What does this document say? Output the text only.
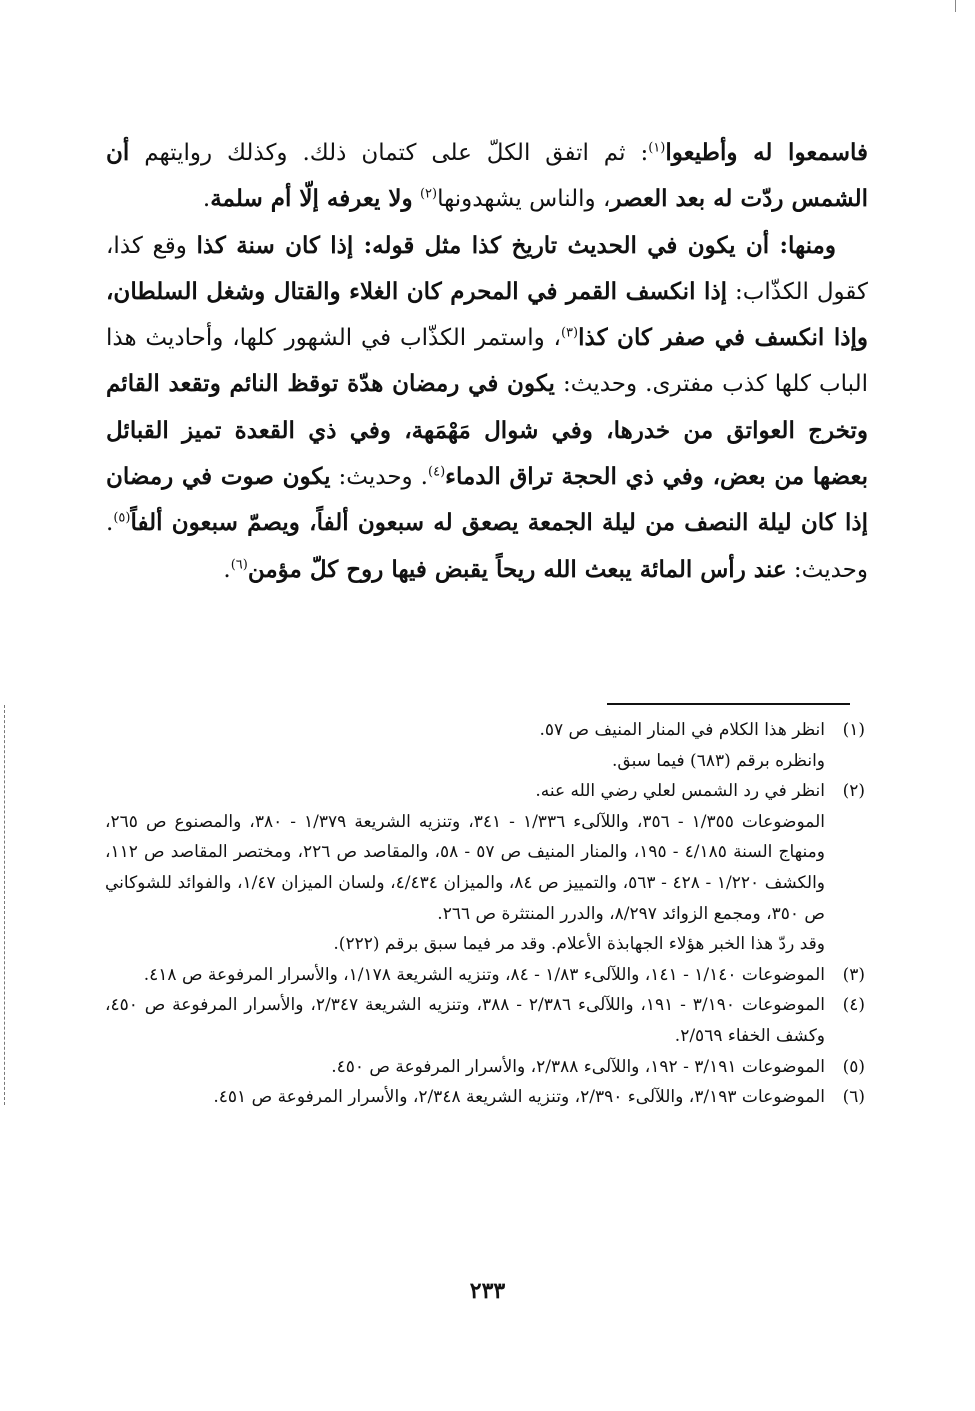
فاسمعوا له وأطيعوا$^{(١)}$: ثم اتفق الكلّ على كتمان ذلك. وكذلك روايتهم أن الشمس ردّت له بعد العصر، والناس يشهدونها$^{(٢)}$ ولا يعرفه إلّا أم سلمة.

ومنها: أن يكون في الحديث تاريخ كذا مثل قوله: إذا كان سنة كذا وقع كذا، كقول الكذّاب: إذا انكسف القمر في المحرم كان الغلاء والقتال وشغل السلطان، وإذا انكسف في صفر كان كذا$^{(٣)}$، واستمر الكذّاب في الشهور كلها، وأحاديث هذا الباب كلها كذب مفترى. وحديث: يكون في رمضان هدّة توقظ النائم وتقعد القائم وتخرج العواتق من خدرها، وفي شوال مَهْمَهة، وفي ذي القعدة تميز القبائل بعضها من بعض، وفي ذي الحجة تراق الدماء$^{(٤)}$. وحديث: يكون صوت في رمضان إذا كان ليلة النصف من ليلة الجمعة يصعق له سبعون ألفاً، ويصمّ سبعون ألفاً$^{(٥)}$. وحديث: عند رأس المائة يبعث الله ريحاً يقبض فيها روح كلّ مؤمن$^{(٦)}$.

(١)
انظر هذا الكلام في المنار المنيف ص ٥٧.
وانظره برقم (٦٨٣) فيما سبق.
(٢)
انظر في رد الشمس لعلي رضي الله عنه.
الموضوعات ١/٣٥٥ - ٣٥٦، واللآلىء ١/٣٣٦ - ٣٤١، وتنزيه الشريعة ١/٣٧٩ - ٣٨٠، والمصنوع ص ٢٦٥، ومنهاج السنة ٤/١٨٥ - ١٩٥، والمنار المنيف ص ٥٧ - ٥٨، والمقاصد ص ٢٢٦، ومختصر المقاصد ص ١١٢، والكشف ١/٢٢٠ - ٤٢٨ - ٥٦٣، والتمييز ص ٨٤، والميزان ٤/٤٣٤، ولسان الميزان ١/٤٧، والفوائد للشوكاني ص ٣٥٠، ومجمع الزوائد ٨/٢٩٧، والدرر المنتثرة ص ٢٦٦.
وقد ردّ هذا الخبر هؤلاء الجهابذة الأعلام. وقد مر فيما سبق برقم (٢٢٢).
(٣)
الموضوعات ١/١٤٠ - ١٤١، واللآلىء ١/٨٣ - ٨٤، وتنزيه الشريعة ١/١٧٨، والأسرار المرفوعة ص ٤١٨.
(٤)
الموضوعات ٣/١٩٠ - ١٩١، واللآلىء ٢/٣٨٦ - ٣٨٨، وتنزيه الشريعة ٢/٣٤٧، والأسرار المرفوعة ص ٤٥٠، وكشف الخفاء ٢/٥٦٩.
(٥)
الموضوعات ٣/١٩١ - ١٩٢، واللآلىء ٢/٣٨٨، والأسرار المرفوعة ص ٤٥٠.
(٦)
الموضوعات ٣/١٩٣، واللآلىء ٢/٣٩٠، وتنزيه الشريعة ٢/٣٤٨، والأسرار المرفوعة ص ٤٥١.
٢٣٣
